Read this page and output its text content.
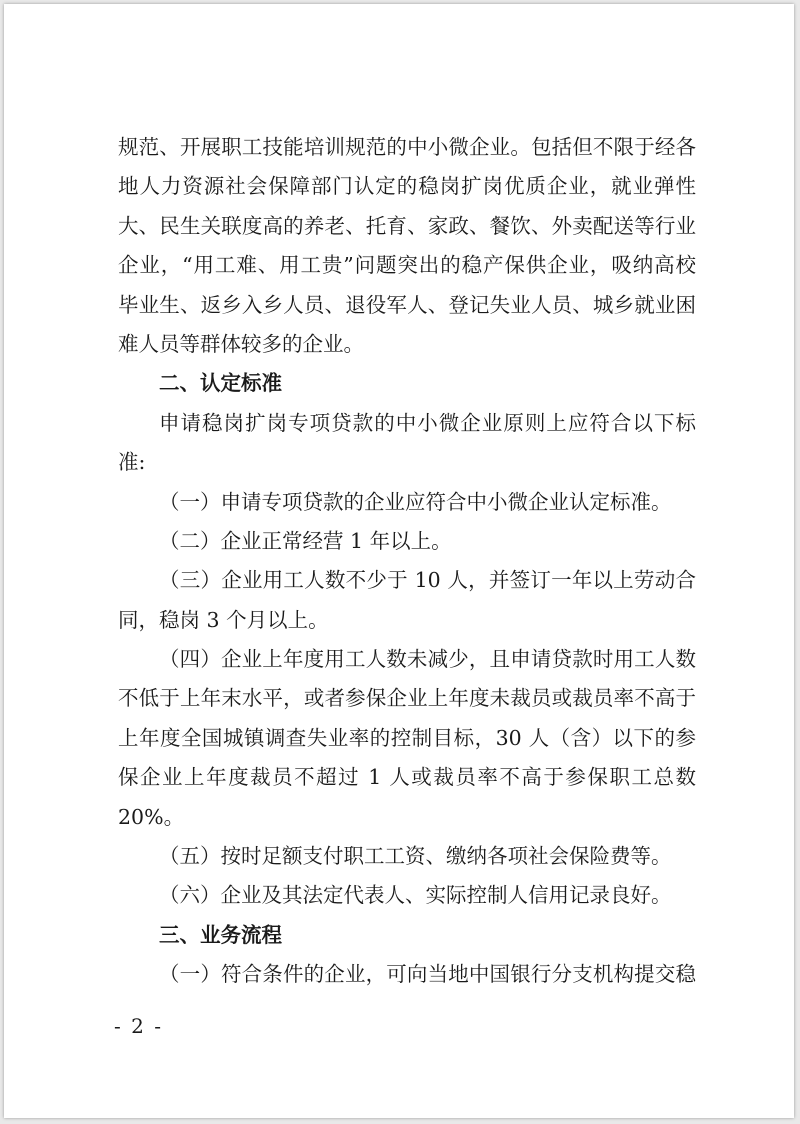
规范、开展职工技能培训规范的中小微企业。包括但不限于经各
地人力资源社会保障部门认定的稳岗扩岗优质企业，就业弹性
大、民生关联度高的养老、托育、家政、餐饮、外卖配送等行业
企业，“用工难、用工贵”问题突出的稳产保供企业，吸纳高校
毕业生、返乡入乡人员、退役军人、登记失业人员、城乡就业困
难人员等群体较多的企业。
二、认定标准
申请稳岗扩岗专项贷款的中小微企业原则上应符合以下标
准:
（一）申请专项贷款的企业应符合中小微企业认定标准。
（二）企业正常经营 1 年以上。
（三）企业用工人数不少于 10 人，并签订一年以上劳动合
同，稳岗 3 个月以上。
（四）企业上年度用工人数未减少，且申请贷款时用工人数
不低于上年末水平，或者参保企业上年度未裁员或裁员率不高于
上年度全国城镇调查失业率的控制目标，30 人（含）以下的参
保企业上年度裁员不超过 1 人或裁员率不高于参保职工总数
20%。
（五）按时足额支付职工工资、缴纳各项社会保险费等。
（六）企业及其法定代表人、实际控制人信用记录良好。
三、业务流程
（一）符合条件的企业，可向当地中国银行分支机构提交稳
- 2 -
